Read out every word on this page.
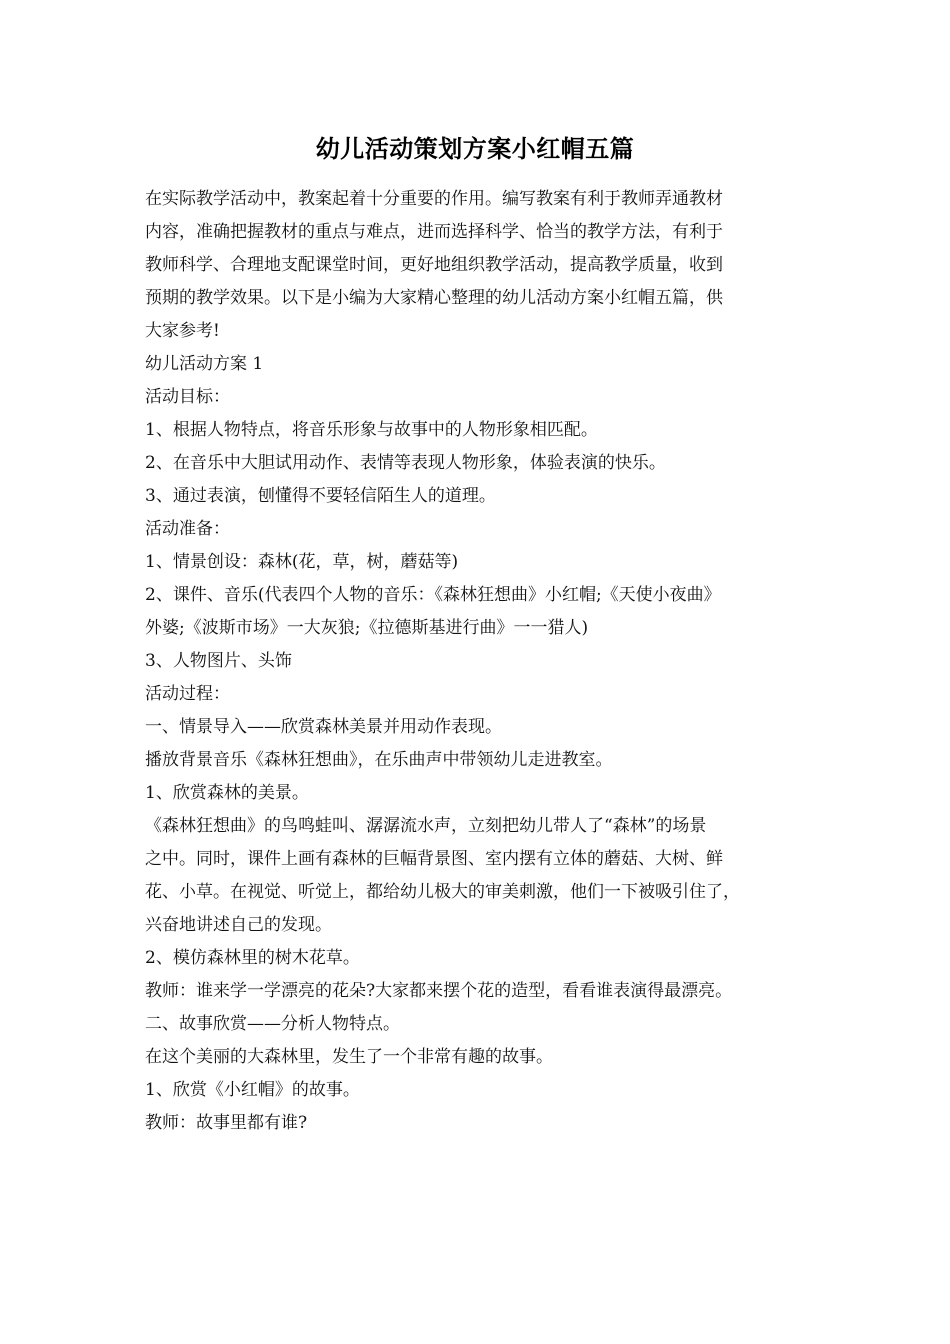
幼儿活动策划方案小红帽五篇
在实际教学活动中，教案起着十分重要的作用。编写教案有利于教师弄通教材
内容，准确把握教材的重点与难点，进而选择科学、恰当的教学方法，有利于
教师科学、合理地支配课堂时间，更好地组织教学活动，提高教学质量，收到
预期的教学效果。以下是小编为大家精心整理的幼儿活动方案小红帽五篇，供
大家参考!
幼儿活动方案 1
活动目标：
1、根据人物特点，将音乐形象与故事中的人物形象相匹配。
2、在音乐中大胆试用动作、表情等表现人物形象，体验表演的快乐。
3、通过表演，刨懂得不要轻信陌生人的道理。
活动准备：
1、情景创设：森林(花，草，树，蘑菇等)
2、课件、音乐(代表四个人物的音乐：《森林狂想曲》小红帽;《天使小夜曲》
外婆;《波斯市场》一大灰狼;《拉德斯基进行曲》一一猎人)
3、人物图片、头饰
活动过程：
一、情景导入——欣赏森林美景并用动作表现。
播放背景音乐《森林狂想曲》，在乐曲声中带领幼儿走进教室。
1、欣赏森林的美景。
《森林狂想曲》的鸟鸣蛙叫、潺潺流水声，立刻把幼儿带人了“森林”的场景
之中。同时，课件上画有森林的巨幅背景图、室内摆有立体的蘑菇、大树、鲜
花、小草。在视觉、听觉上，都给幼儿极大的审美刺激，他们一下被吸引住了，
兴奋地讲述自己的发现。
2、模仿森林里的树木花草。
教师：谁来学一学漂亮的花朵?大家都来摆个花的造型，看看谁表演得最漂亮。
二、故事欣赏——分析人物特点。
在这个美丽的大森林里，发生了一个非常有趣的故事。
1、欣赏《小红帽》的故事。
教师：故事里都有谁?
